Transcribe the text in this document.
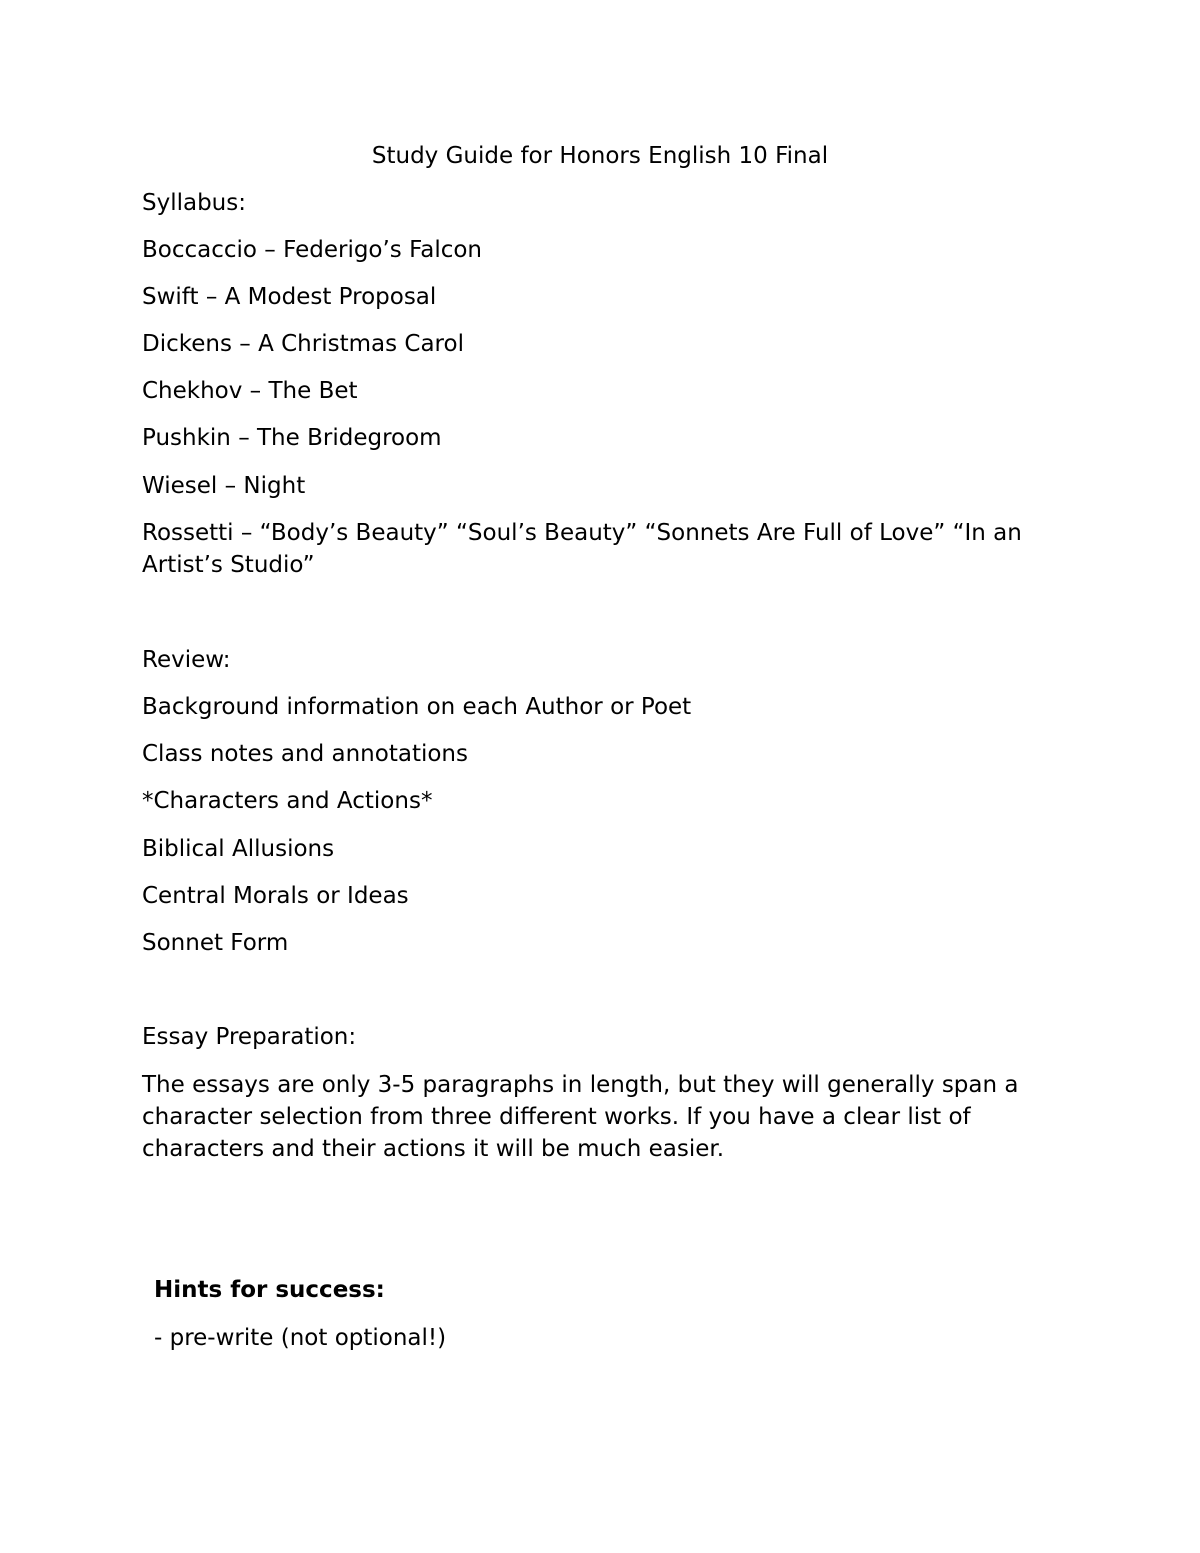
Study Guide for Honors English 10 Final
Syllabus:
Boccaccio – Federigo’s Falcon
Swift – A Modest Proposal
Dickens – A Christmas Carol
Chekhov – The Bet
Pushkin – The Bridegroom
Wiesel – Night
Rossetti – “Body’s Beauty” “Soul’s Beauty” “Sonnets Are Full of Love” “In an Artist’s Studio”
Review:
Background information on each Author or Poet
Class notes and annotations
*Characters and Actions*
Biblical Allusions
Central Morals or Ideas
Sonnet Form
Essay Preparation:
The essays are only 3-5 paragraphs in length, but they will generally span a character selection from three different works. If you have a clear list of characters and their actions it will be much easier.
Hints for success:
- pre-write (not optional!)
